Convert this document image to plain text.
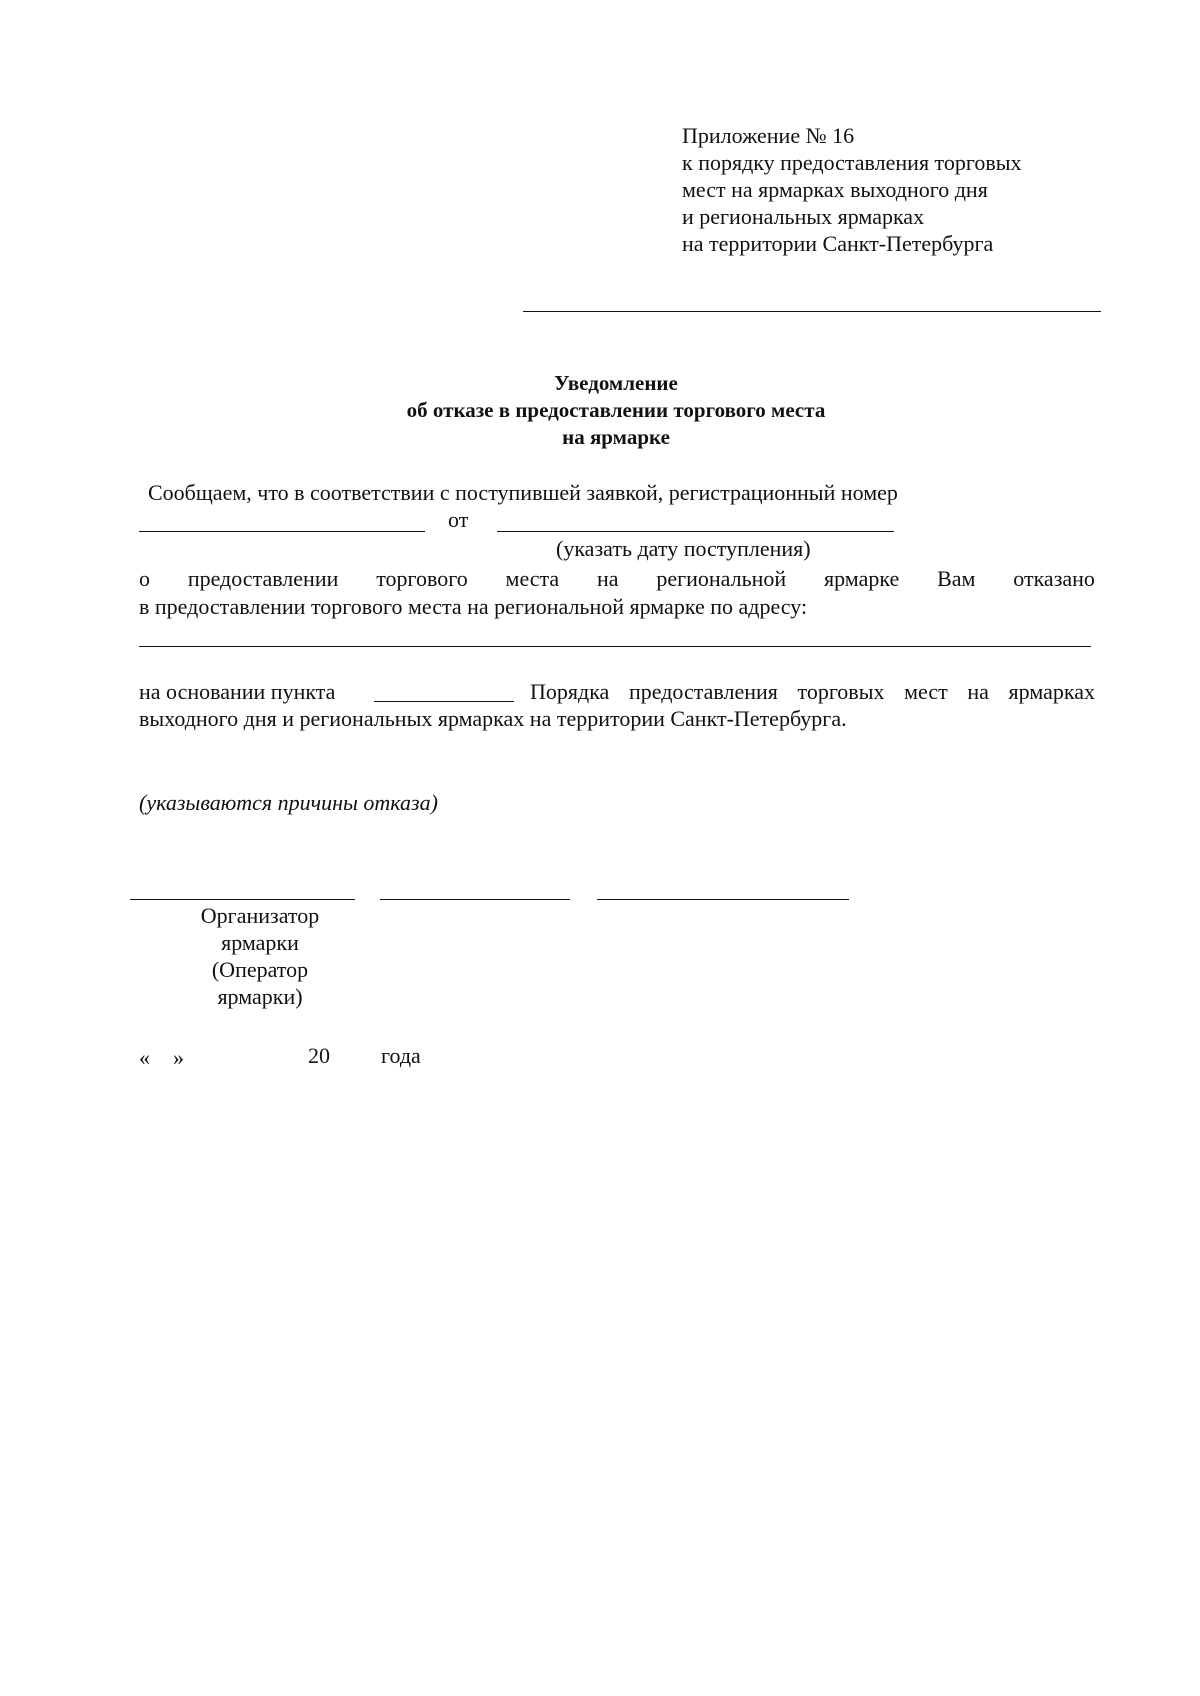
Приложение № 16
к порядку предоставления торговых
мест на ярмарках выходного дня
и региональных ярмарках
на территории Санкт-Петербурга
Уведомление
об отказе в предоставлении торгового места
на ярмарке
Сообщаем, что в соответствии с поступившей заявкой, регистрационный номер
от
(указать дату поступления)
о предоставлении торгового места на региональной ярмарке Вам отказано
в предоставлении торгового места на региональной ярмарке по адресу:
на основании пункта	Порядка предоставления торговых мест на ярмарках
выходного дня и региональных ярмарках на территории Санкт-Петербурга.
(указываются причины отказа)
Организатор
ярмарки
(Оператор
ярмарки)
« »	20 года
